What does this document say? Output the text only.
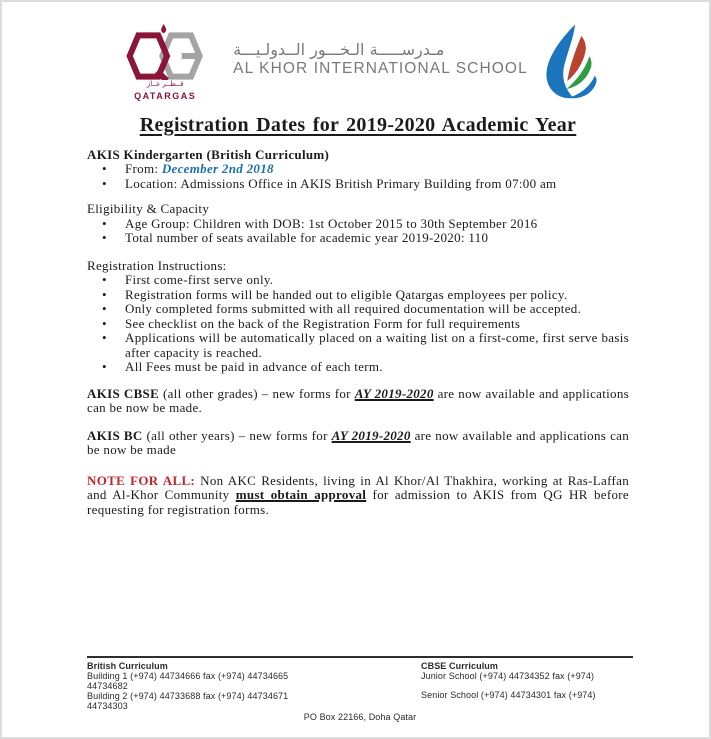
قــطــر غــاز
QATARGAS
مـدرســـــة الـخـــور الــدولـيـــة
AL KHOR INTERNATIONAL SCHOOL
Registration Dates for 2019-2020 Academic Year
AKIS Kindergarten (British Curriculum)
• From: December 2nd 2018
• Location: Admissions Office in AKIS British Primary Building from 07:00 am
Eligibility & Capacity
• Age Group: Children with DOB: 1st October 2015 to 30th September 2016
• Total number of seats available for academic year 2019-2020: 110
Registration Instructions:
• First come-first serve only.
• Registration forms will be handed out to eligible Qatargas employees per policy.
• Only completed forms submitted with all required documentation will be accepted.
• See checklist on the back of the Registration Form for full requirements
• Applications will be automatically placed on a waiting list on a first-come, first serve basis after capacity is reached.
• All Fees must be paid in advance of each term.

AKIS CBSE (all other grades) – new forms for AY 2019-2020 are now available and applications can be now be made.

AKIS BC (all other years) – new forms for AY 2019-2020 are now available and applications can be now be made

NOTE FOR ALL: Non AKC Residents, living in Al Khor/Al Thakhira, working at Ras-Laffan and Al-Khor Community must obtain approval for admission to AKIS from QG HR before requesting for registration forms.

British Curriculum
Building 1 (+974) 44734666 fax (+974) 44734665 44734682
Building 2 (+974) 44733688 fax (+974) 44734671 44734303
CBSE Curriculum
Junior School (+974) 44734352 fax (+974)
Senior School (+974) 44734301 fax (+974)
PO Box 22166, Doha Qatar
